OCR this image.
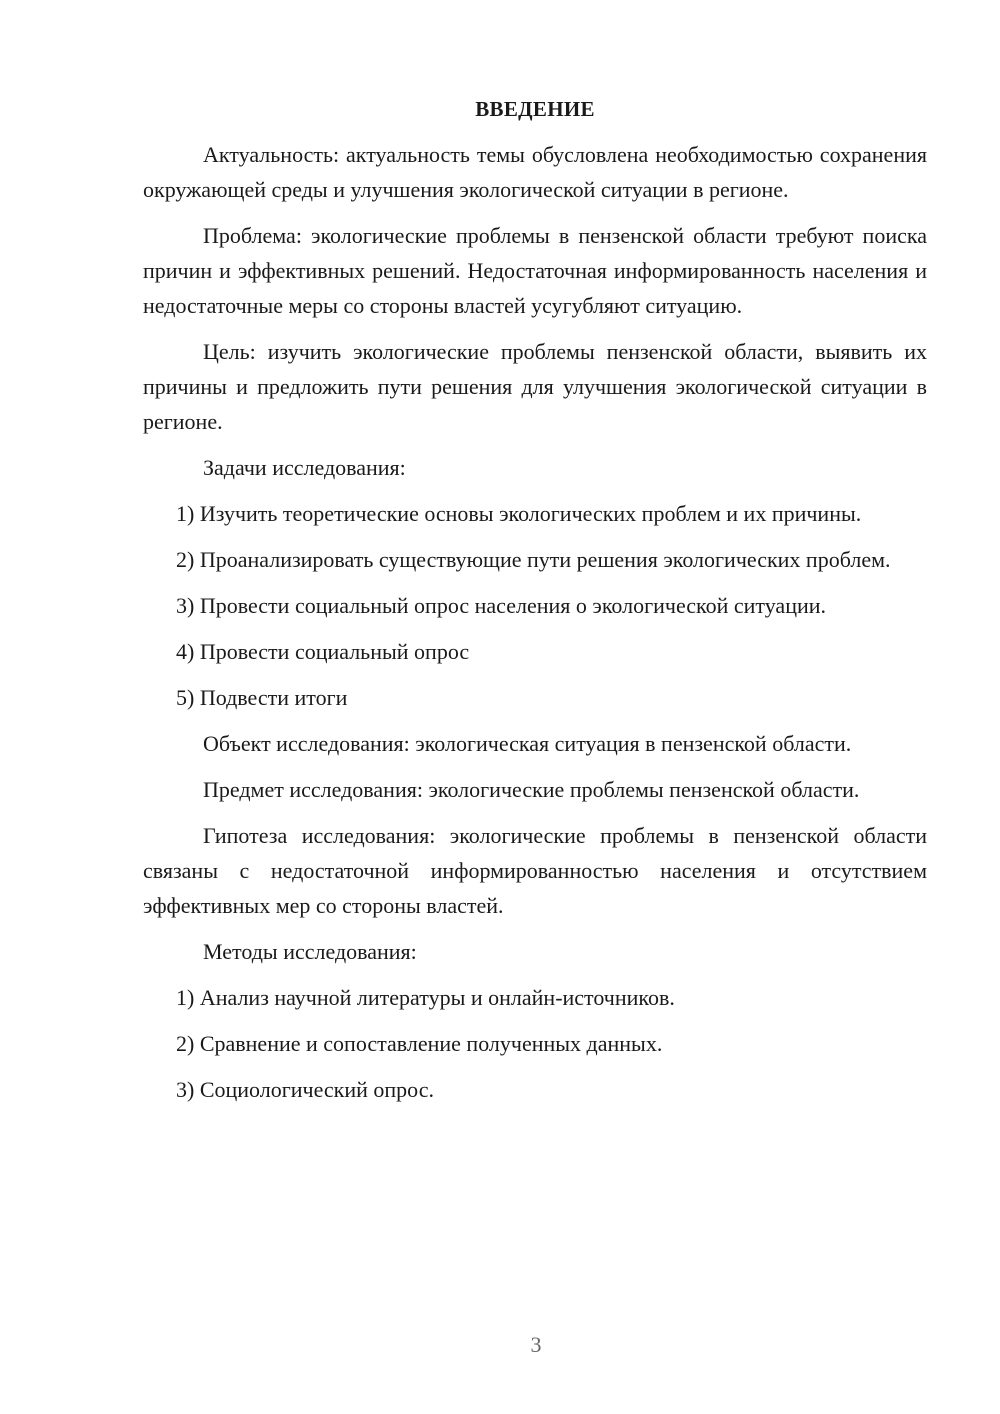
ВВЕДЕНИЕ

Актуальность: актуальность темы обусловлена необходимостью сохранения окружающей среды и улучшения экологической ситуации в регионе.

Проблема: экологические проблемы в пензенской области требуют поиска причин и эффективных решений. Недостаточная информированность населения и недостаточные меры со стороны властей усугубляют ситуацию.

Цель: изучить экологические проблемы пензенской области, выявить их причины и предложить пути решения для улучшения экологической ситуации в регионе.

Задачи исследования:

1) Изучить теоретические основы экологических проблем и их причины.

2) Проанализировать существующие пути решения экологических проблем.

3) Провести социальный опрос населения о экологической ситуации.

4) Провести социальный опрос

5) Подвести итоги

Объект исследования: экологическая ситуация в пензенской области.

Предмет исследования: экологические проблемы пензенской области.

Гипотеза исследования: экологические проблемы в пензенской области связаны с недостаточной информированностью населения и отсутствием эффективных мер со стороны властей.

Методы исследования:

1) Анализ научной литературы и онлайн-источников.

2) Сравнение и сопоставление полученных данных.

3) Социологический опрос.

3
